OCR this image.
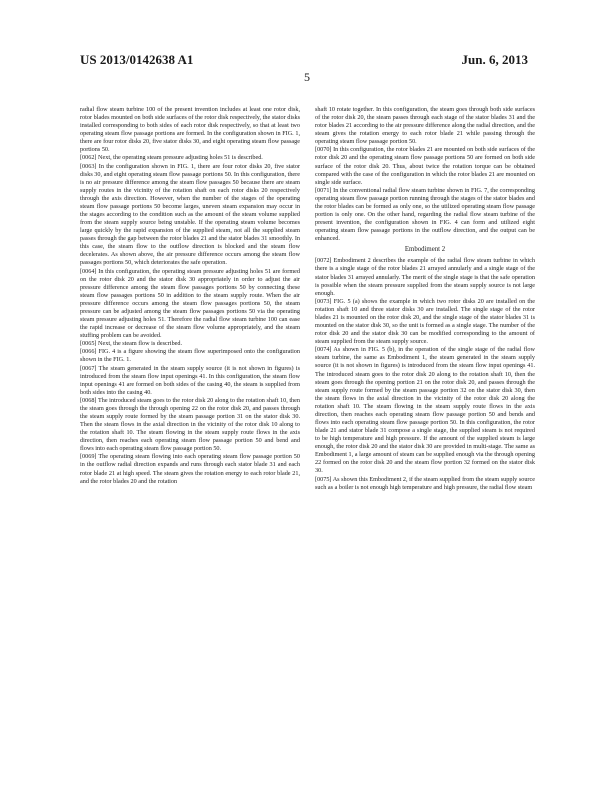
US 2013/0142638 A1	Jun. 6, 2013
5

radial flow steam turbine 100 of the present invention includes at least one rotor disk, rotor blades mounted on both side surfaces of the rotor disk respectively, the stator disks installed corresponding to both sides of each rotor disk respectively, so that at least two operating steam flow passage portions are formed. In the configuration shown in FIG. 1, there are four rotor disks 20, five stator disks 30, and eight operating steam flow passage portions 50.

[0062] Next, the operating steam pressure adjusting holes 51 is described.

[0063] In the configuration shown in FIG. 1, there are four rotor disks 20, five stator disks 30, and eight operating steam flow passage portions 50. In this configuration, there is no air pressure difference among the steam flow passages 50 because there are steam supply routes in the vicinity of the rotation shaft on each rotor disks 20 respectively through the axis direction. However, when the number of the stages of the operating steam flow passage portions 50 become larges, uneven steam expansion may occur in the stages according to the condition such as the amount of the steam volume supplied from the steam supply source being unstable. If the operating steam volume becomes large quickly by the rapid expansion of the supplied steam, not all the supplied steam passes through the gap between the rotor blades 21 and the stator blades 31 smoothly. In this case, the steam flow to the outflow direction is blocked and the steam flow decelerates. As shown above, the air pressure difference occurs among the steam flow passages portions 50, which deteriorates the safe operation.

[0064] In this configuration, the operating steam pressure adjusting holes 51 are formed on the rotor disk 20 and the stator disk 30 appropriately in order to adjust the air pressure difference among the steam flow passages portions 50 by connecting these steam flow passages portions 50 in addition to the steam supply route. When the air pressure difference occurs among the steam flow passages portions 50, the steam pressure can be adjusted among the steam flow passages portions 50 via the operating steam pressure adjusting holes 51. Therefore the radial flow steam turbine 100 can ease the rapid increase or decrease of the steam flow volume appropriately, and the steam stuffing problem can be avoided.

[0065] Next, the steam flow is described.

[0066] FIG. 4 is a figure showing the steam flow superimposed onto the configuration shown in the FIG. 1.

[0067] The steam generated in the steam supply source (it is not shown in figures) is introduced from the steam flow input openings 41. In this configuration, the steam flow input openings 41 are formed on both sides of the casing 40, the steam is supplied from both sides into the casing 40.

[0068] The introduced steam goes to the rotor disk 20 along to the rotation shaft 10, then the steam goes through the through opening 22 on the rotor disk 20, and passes through the steam supply route formed by the steam passage portion 31 on the stator disk 30. Then the steam flows in the axial direction in the vicinity of the rotor disk 10 along to the rotation shaft 10. The steam flowing in the steam supply route flows in the axis direction, then reaches each operating steam flow passage portion 50 and bend and flows into each operating steam flow passage portion 50.

[0069] The operating steam flowing into each operating steam flow passage portion 50 in the outflow radial direction expands and runs through each stator blade 31 and each rotor blade 21 at high speed. The steam gives the rotation energy to each rotor blade 21, and the rotor blades 20 and the rotation

shaft 10 rotate together. In this configuration, the steam goes through both side surfaces of the rotor disk 20, the steam passes through each stage of the stator blades 31 and the rotor blades 21 according to the air pressure difference along the radial direction, and the steam gives the rotation energy to each rotor blade 21 while passing through the operating steam flow passage portion 50.

[0070] In this configuration, the rotor blades 21 are mounted on both side surfaces of the rotor disk 20 and the operating steam flow passage portions 50 are formed on both side surface of the rotor disk 20. Thus, about twice the rotation torque can be obtained compared with the case of the configuration in which the rotor blades 21 are mounted on single side surface.

[0071] In the conventional radial flow steam turbine shown in FIG. 7, the corresponding operating steam flow passage portion running through the stages of the stator blades and the rotor blades can be formed as only one, so the utilized operating steam flow passage portion is only one. On the other hand, regarding the radial flow steam turbine of the present invention, the configuration shown in FIG. 4 can form and utilized eight operating steam flow passage portions in the outflow direction, and the output can be enhanced.

Embodiment 2

[0072] Embodiment 2 describes the example of the radial flow steam turbine in which there is a single stage of the rotor blades 21 arrayed annularly and a single stage of the stator blades 31 arrayed annularly. The merit of the single stage is that the safe operation is possible when the steam pressure supplied from the steam supply source is not large enough.

[0073] FIG. 5 (a) shows the example in which two rotor disks 20 are installed on the rotation shaft 10 and three stator disks 30 are installed. The single stage of the rotor blades 21 is mounted on the rotor disk 20, and the single stage of the stator blades 31 is mounted on the stator disk 30, so the unit is formed as a single stage. The number of the rotor disk 20 and the stator disk 30 can be modified corresponding to the amount of steam supplied from the steam supply source.

[0074] As shown in FIG. 5 (b), in the operation of the single stage of the radial flow steam turbine, the same as Embodiment 1, the steam generated in the steam supply source (it is not shown in figures) is introduced from the steam flow input openings 41. The introduced steam goes to the rotor disk 20 along to the rotation shaft 10, then the steam goes through the opening portion 21 on the rotor disk 20, and passes through the steam supply route formed by the steam passage portion 32 on the stator disk 30, then the steam flows in the axial direction in the vicinity of the rotor disk 20 along the rotation shaft 10. The steam flowing in the steam supply route flows in the axis direction, then reaches each operating steam flow passage portion 50 and bends and flows into each operating steam flow passage portion 50. In this configuration, the rotor blade 21 and stator blade 31 compose a single stage, the supplied steam is not required to be high temperature and high pressure. If the amount of the supplied steam is large enough, the rotor disk 20 and the stator disk 30 are provided in multi-stage. The same as Embodiment 1, a large amount of steam can be supplied enough via the through opening 22 formed on the rotor disk 20 and the steam flow portion 32 formed on the stator disk 30.

[0075] As shown this Embodiment 2, if the steam supplied from the steam supply source such as a boiler is not enough high temperature and high pressure, the radial flow steam
